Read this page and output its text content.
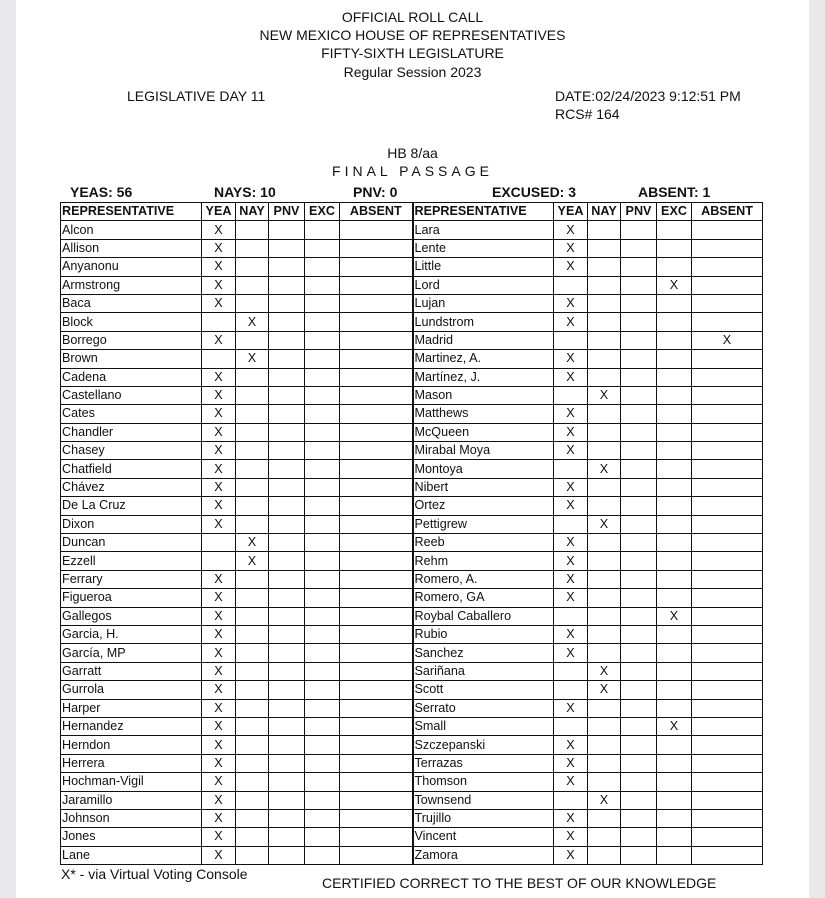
OFFICIAL ROLL CALL
NEW MEXICO HOUSE OF REPRESENTATIVES
FIFTY-SIXTH LEGISLATURE
Regular Session 2023
LEGISLATIVE DAY 11	DATE:02/24/2023 9:12:51 PM
RCS# 164
HB 8/aa
FINAL PASSAGE
YEAS: 56	NAYS: 10	PNV: 0	EXCUSED: 3	ABSENT: 1
REPRESENTATIVE	YEA	NAY	PNV	EXC	ABSENT	REPRESENTATIVE	YEA	NAY	PNV	EXC	ABSENT
Alcon	X					Lara	X				
Allison	X					Lente	X				
Anyanonu	X					Little	X				
Armstrong	X					Lord				X	
Baca	X					Lujan	X				
Block		X				Lundstrom	X				
Borrego	X					Madrid					X
Brown		X				Martinez, A.	X				
Cadena	X					Martínez, J.	X				
Castellano	X					Mason		X			
Cates	X					Matthews	X				
Chandler	X					McQueen	X				
Chasey	X					Mirabal Moya	X				
Chatfield	X					Montoya		X			
Chávez	X					Nibert	X				
De La Cruz	X					Ortez	X				
Dixon	X					Pettigrew		X			
Duncan		X				Reeb	X				
Ezzell		X				Rehm	X				
Ferrary	X					Romero, A.	X				
Figueroa	X					Romero, GA	X				
Gallegos	X					Roybal Caballero				X	
Garcia, H.	X					Rubio	X				
García, MP	X					Sanchez	X				
Garratt	X					Sariñana		X			
Gurrola	X					Scott		X			
Harper	X					Serrato	X				
Hernandez	X					Small				X	
Herndon	X					Szczepanski	X				
Herrera	X					Terrazas	X				
Hochman-Vigil	X					Thomson	X				
Jaramillo	X					Townsend		X			
Johnson	X					Trujillo	X				
Jones	X					Vincent	X				
Lane	X					Zamora	X				
X* - via Virtual Voting Console
CERTIFIED CORRECT TO THE BEST OF OUR KNOWLEDGE
